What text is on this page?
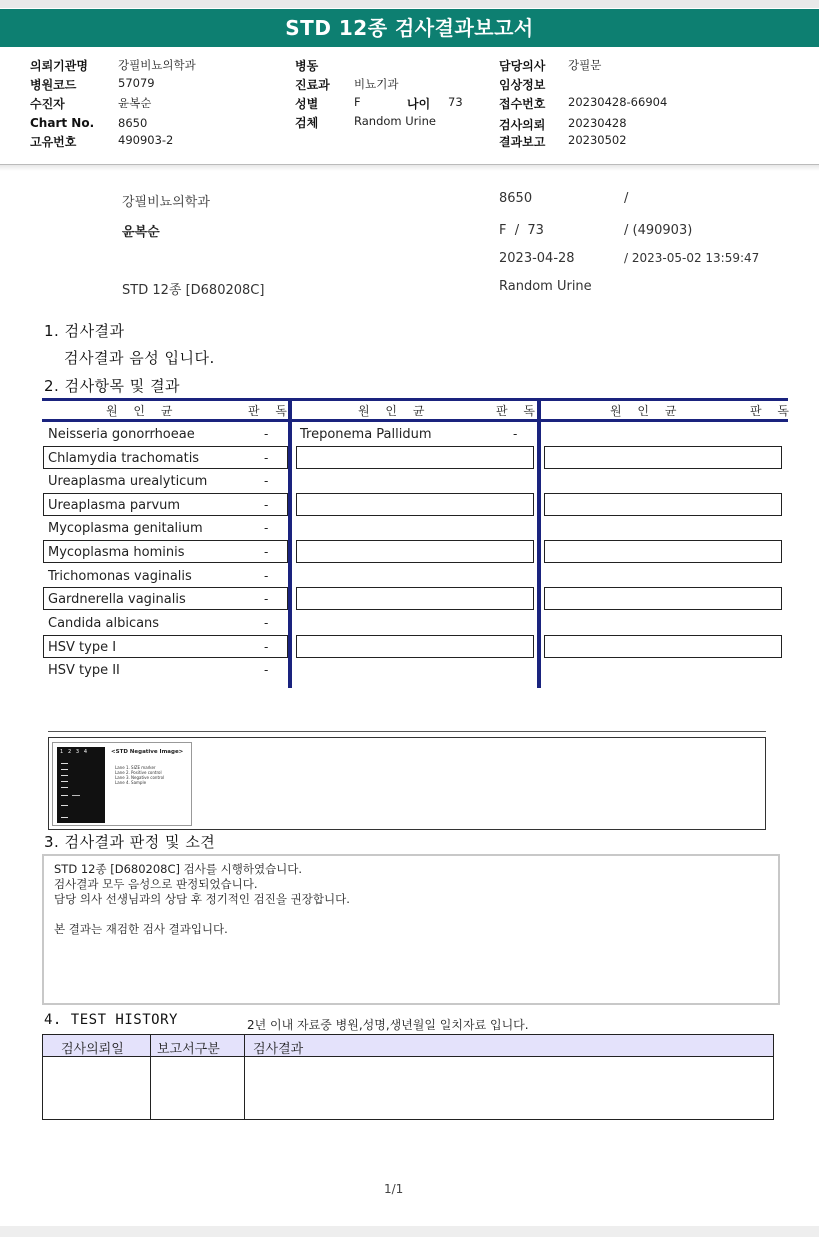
STD 12종 검사결과보고서
의뢰기관명	강필비뇨의학과
병원코드	57079
수진자	윤복순
Chart No. 8650
고유번호	490903-2
병동
진료과 비뇨기과
성별	F	나이 73
검체	Random Urine
담당의사 강필문
임상정보
접수번호 20230428-66904
검사의뢰 20230428
결과보고 20230502
강필비뇨의학과
윤복순
STD 12종 [D680208C]
8650	/
F  /  73	/ (490903)
2023-04-28	/ 2023-05-02 13:59:47
Random Urine
1. 검사결과
검사결과 음성 입니다.
2. 검사항목 및 결과
원 인 균	판 독	원 인 균	판 독	원 인 균	판 독
Neisseria gonorrhoeae	-
Chlamydia trachomatis	-
Ureaplasma urealyticum	-
Ureaplasma parvum	-
Mycoplasma genitalium	-
Mycoplasma hominis	-
Trichomonas vaginalis	-
Gardnerella vaginalis	-
Candida albicans	-
HSV type I	-
HSV type II	-
Treponema Pallidum	-
1   2   3   4	<STD Negative Image>
Lane 1. SIZE marker
Lane 2. Positive control
Lane 3. Negative control
Lane 4. Sample
3. 검사결과 판정 및 소견
STD 12종 [D680208C] 검사를 시행하였습니다.
검사결과 모두 음성으로 판정되었습니다.
담당 의사 선생님과의 상담 후 정기적인 검진을 권장합니다.
본 결과는 재검한 검사 결과입니다.
4. TEST HISTORY	2년 이내 자료중 병원,성명,생년월일 일치자료 입니다.
검사의뢰일	보고서구분	검사결과
1/1
